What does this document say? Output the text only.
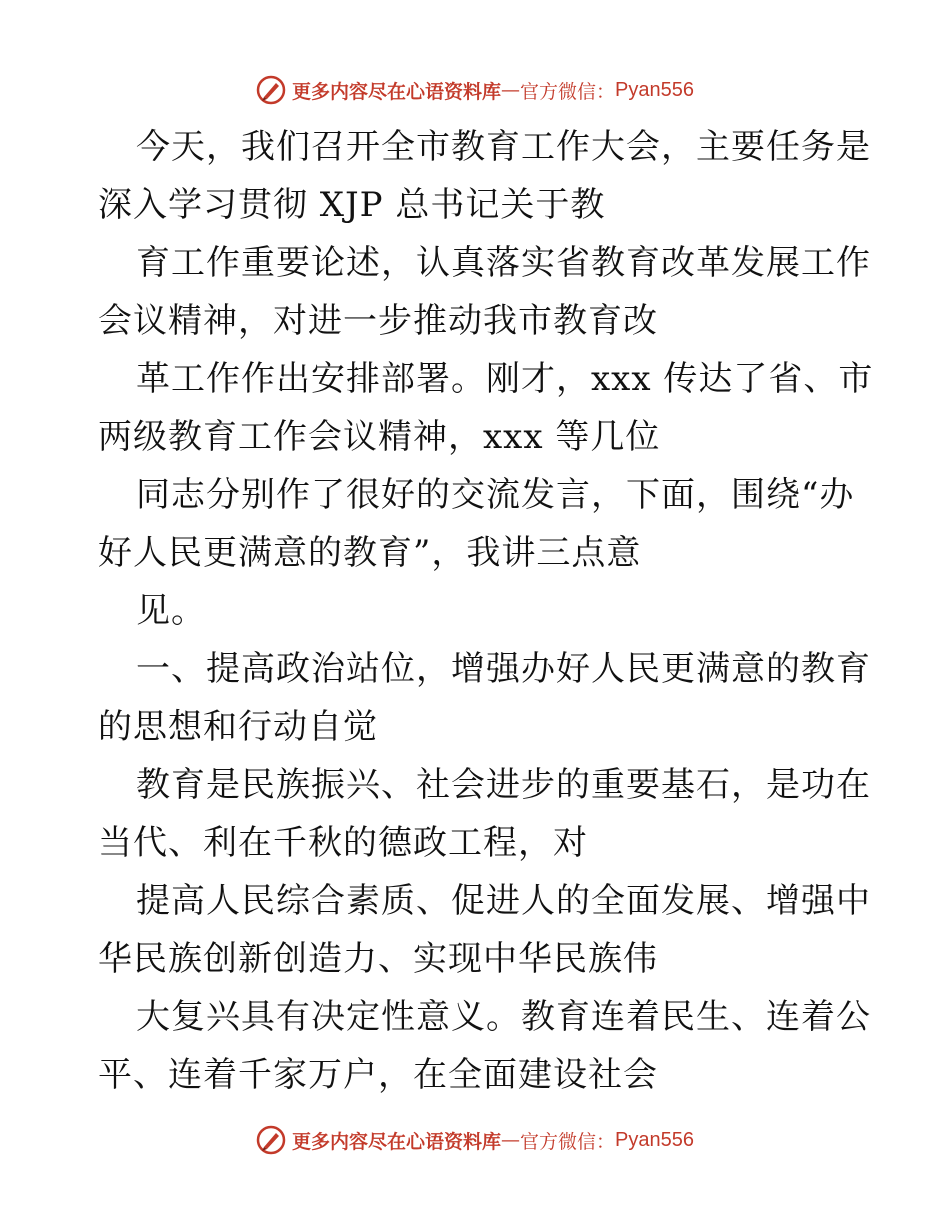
更多内容尽在心语资料库 — 官方微信： Pyan556

今天，我们召开全市教育工作大会，主要任务是
深入学习贯彻 XJP 总书记关于教

育工作重要论述，认真落实省教育改革发展工作
会议精神，对进一步推动我市教育改

革工作作出安排部署。刚才，xxx 传达了省、市
两级教育工作会议精神，xxx 等几位

同志分别作了很好的交流发言，下面，围绕“办
好人民更满意的教育”，我讲三点意

见。

一、提高政治站位，增强办好人民更满意的教育
的思想和行动自觉

教育是民族振兴、社会进步的重要基石，是功在
当代、利在千秋的德政工程，对

提高人民综合素质、促进人的全面发展、增强中
华民族创新创造力、实现中华民族伟

大复兴具有决定性意义。教育连着民生、连着公
平、连着千家万户，在全面建设社会

更多内容尽在心语资料库 — 官方微信： Pyan556
